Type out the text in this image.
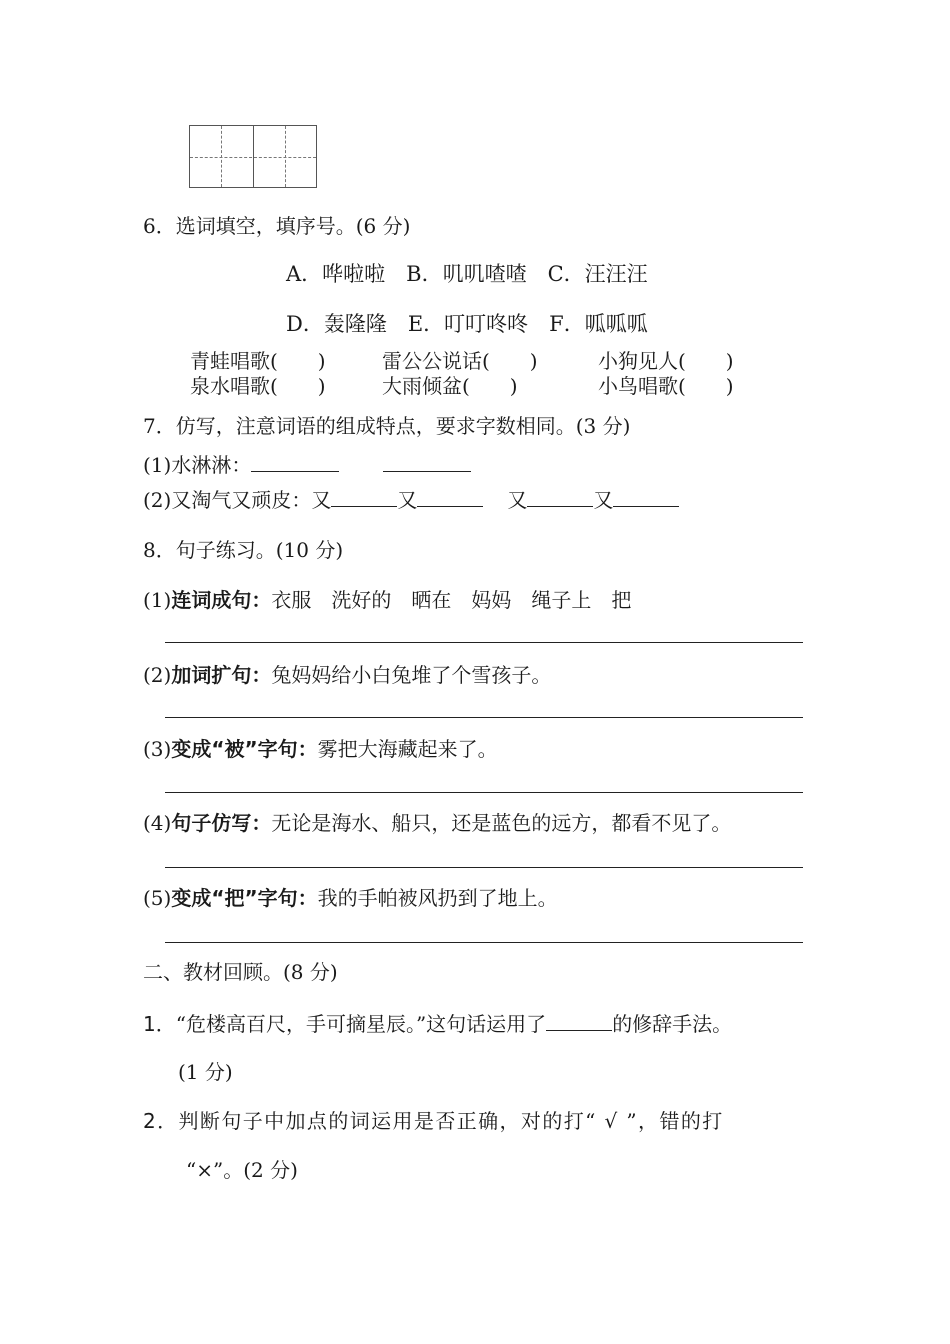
6．选词填空，填序号。(6 分)
A．哗啦啦　B．叽叽喳喳　C．汪汪汪
D．轰隆隆　E．叮叮咚咚　F．呱呱呱
青蛙唱歌(　　)	雷公公说话(　　)	小狗见人(　　)
泉水唱歌(　　)	大雨倾盆(　　)	小鸟唱歌(　　)
7．仿写，注意词语的组成特点，要求字数相同。(3 分)
(1)水淋淋：
(2)又淘气又顽皮：又	又	又	又
8．句子练习。(10 分)
(1)连词成句：衣服　洗好的　晒在　妈妈　绳子上　把
(2)加词扩句：兔妈妈给小白兔堆了个雪孩子。
(3)变成“被”字句：雾把大海藏起来了。
(4)句子仿写：无论是海水、船只，还是蓝色的远方，都看不见了。
(5)变成“把”字句：我的手帕被风扔到了地上。
二、教材回顾。(8 分)
1．“危楼高百尺，手可摘星辰。”这句话运用了	的修辞手法。
(1 分)
2．判断句子中加点的词运用是否正确，对的打“ √ ”，错的打
“×”。(2 分)
